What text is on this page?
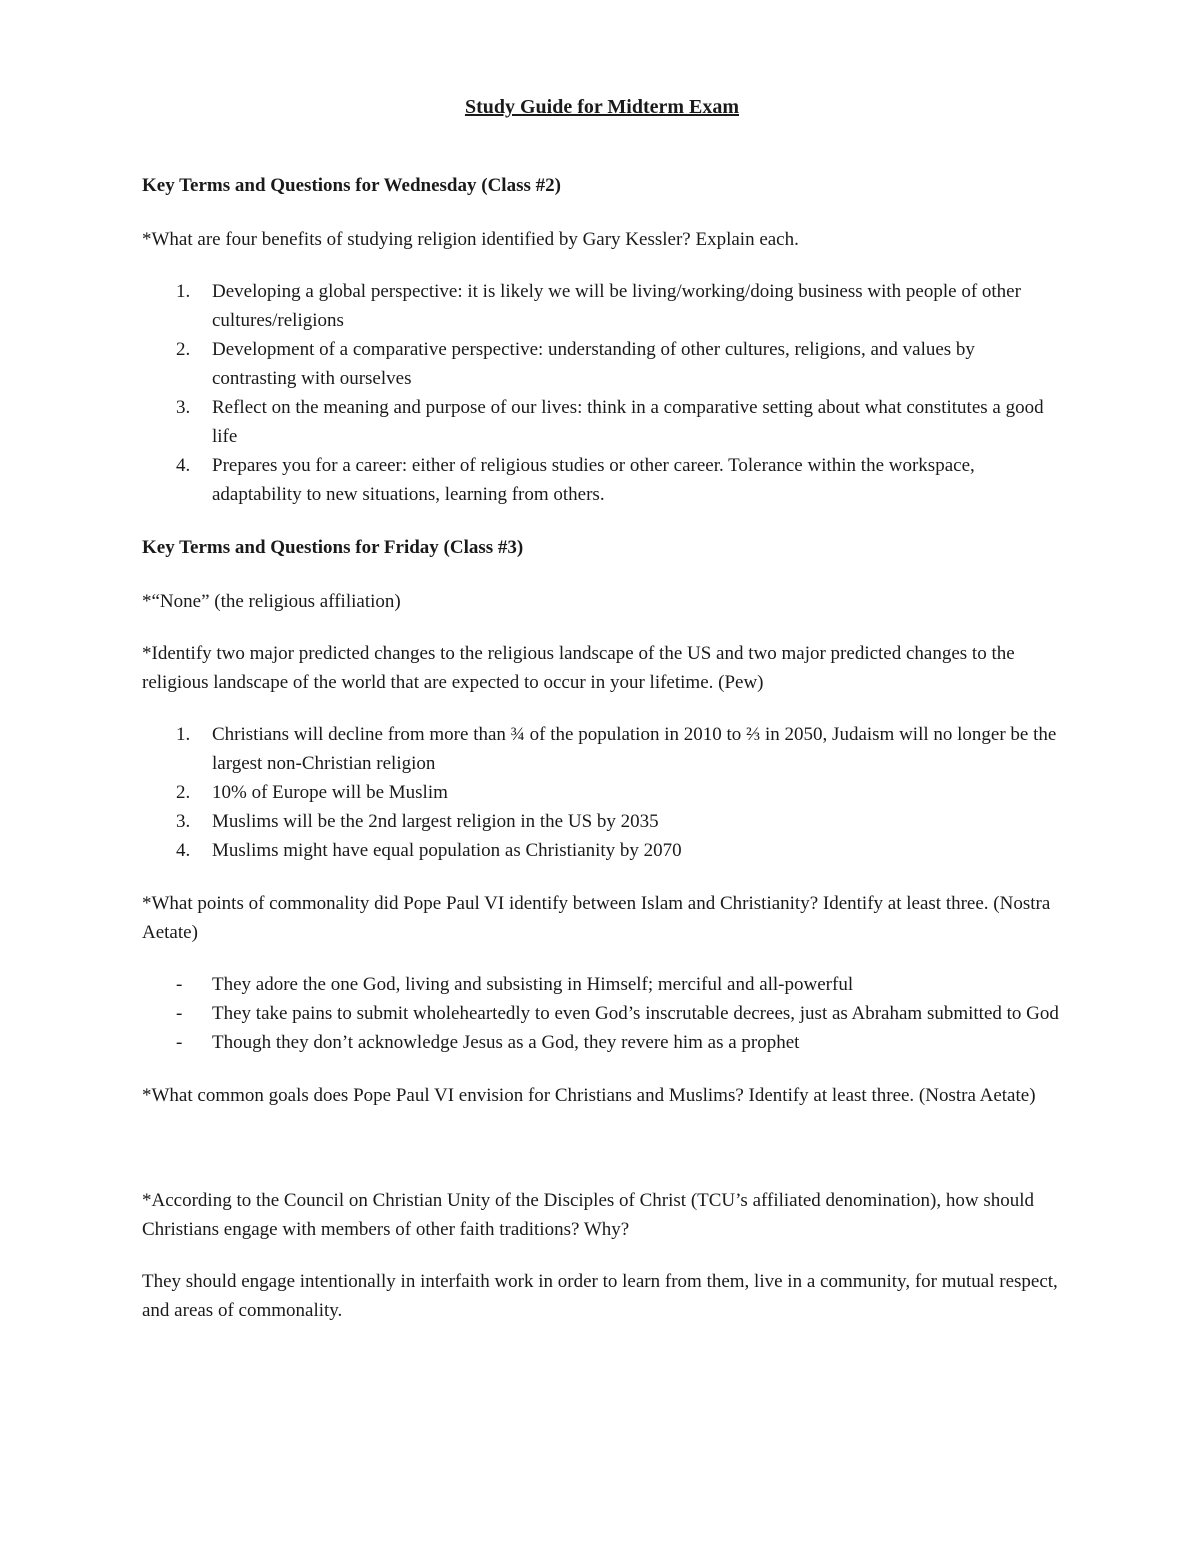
Study Guide for Midterm Exam
Key Terms and Questions for Wednesday (Class #2)

*What are four benefits of studying religion identified by Gary Kessler? Explain each.

1. Developing a global perspective: it is likely we will be living/working/doing business with people of other cultures/religions
2. Development of a comparative perspective: understanding of other cultures, religions, and values by contrasting with ourselves
3. Reflect on the meaning and purpose of our lives: think in a comparative setting about what constitutes a good life
4. Prepares you for a career: either of religious studies or other career. Tolerance within the workspace, adaptability to new situations, learning from others.
Key Terms and Questions for Friday (Class #3)

*“None” (the religious affiliation)

*Identify two major predicted changes to the religious landscape of the US and two major predicted changes to the religious landscape of the world that are expected to occur in your lifetime. (Pew)

1. Christians will decline from more than ¾ of the population in 2010 to ⅔ in 2050, Judaism will no longer be the largest non-Christian religion
2. 10% of Europe will be Muslim
3. Muslims will be the 2nd largest religion in the US by 2035
4. Muslims might have equal population as Christianity by 2070

*What points of commonality did Pope Paul VI identify between Islam and Christianity? Identify at least three. (Nostra Aetate)

- They adore the one God, living and subsisting in Himself; merciful and all-powerful
- They take pains to submit wholeheartedly to even God’s inscrutable decrees, just as Abraham submitted to God
- Though they don’t acknowledge Jesus as a God, they revere him as a prophet

*What common goals does Pope Paul VI envision for Christians and Muslims? Identify at least three. (Nostra Aetate)

*According to the Council on Christian Unity of the Disciples of Christ (TCU’s affiliated denomination), how should Christians engage with members of other faith traditions? Why?

They should engage intentionally in interfaith work in order to learn from them, live in a community, for mutual respect, and areas of commonality.
